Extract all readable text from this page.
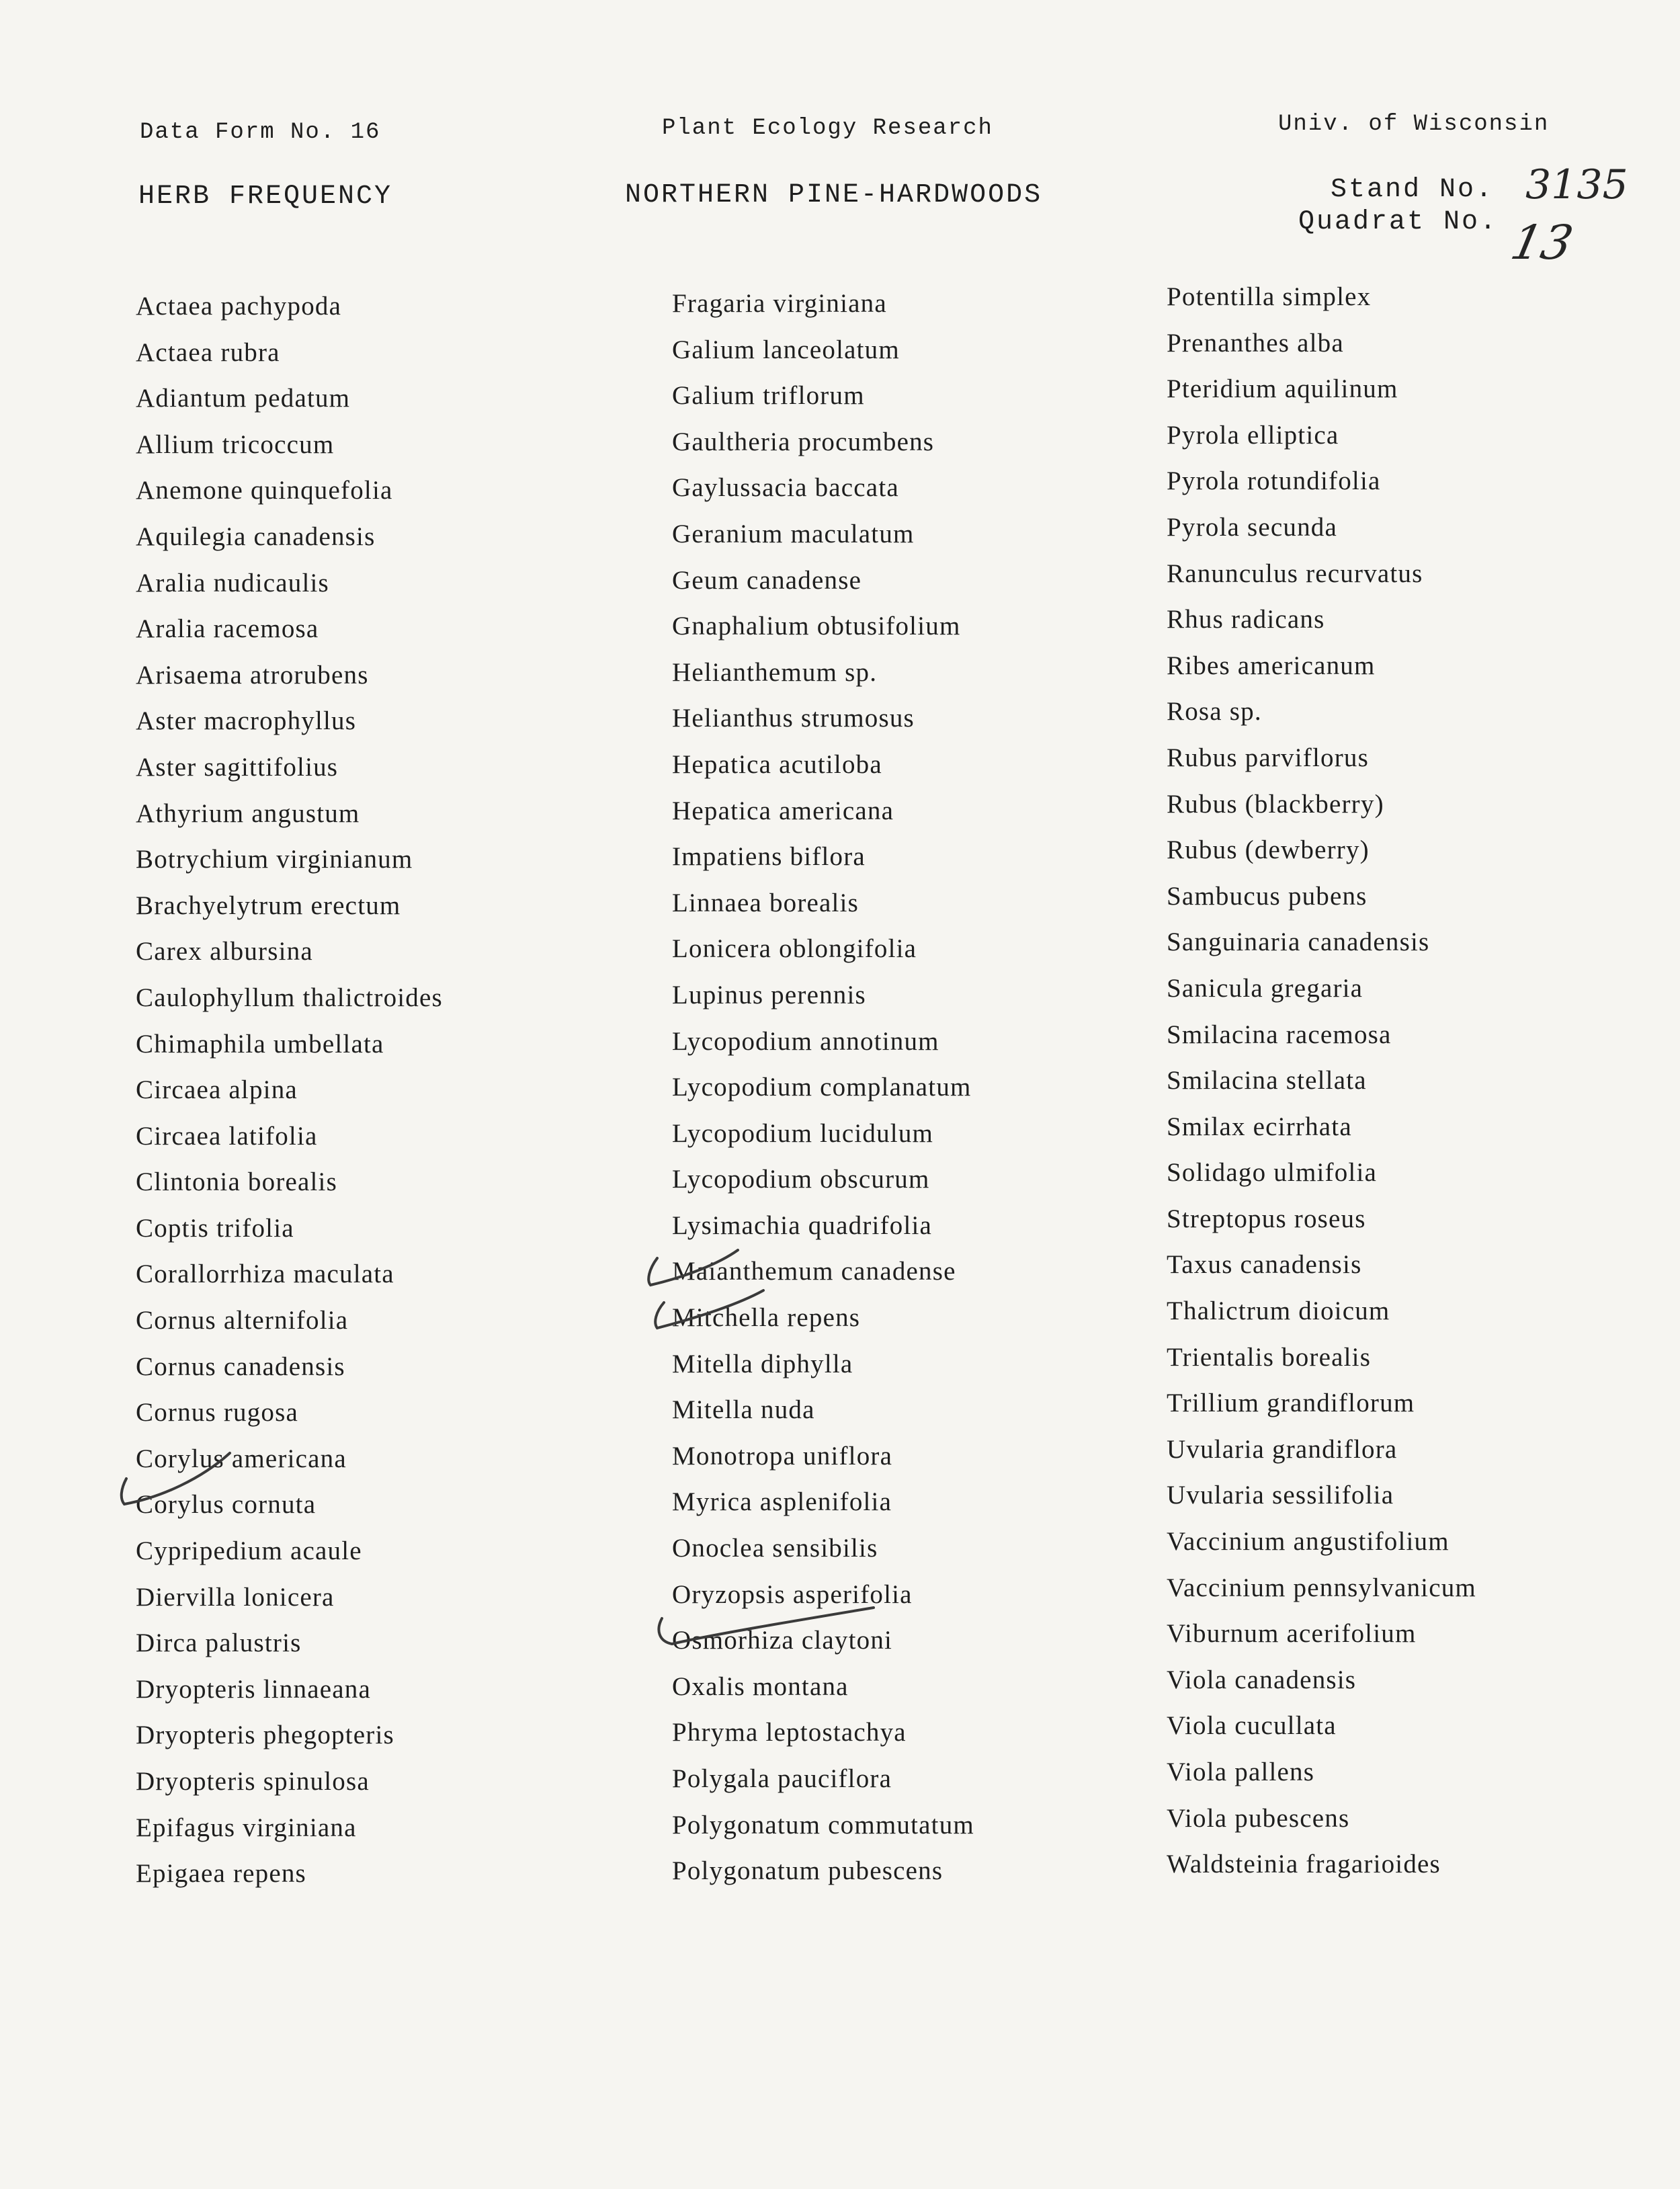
Data Form No. 16	Plant Ecology Research	Univ. of Wisconsin
HERB FREQUENCY	NORTHERN PINE-HARDWOODS	Stand No. 3135
Quadrat No. 13
Actaea pachypoda
Actaea rubra
Adiantum pedatum
Allium tricoccum
Anemone quinquefolia
Aquilegia canadensis
Aralia nudicaulis
Aralia racemosa
Arisaema atrorubens
Aster macrophyllus
Aster sagittifolius
Athyrium angustum
Botrychium virginianum
Brachyelytrum erectum
Carex albursina
Caulophyllum thalictroides
Chimaphila umbellata
Circaea alpina
Circaea latifolia
Clintonia borealis
Coptis trifolia
Corallorrhiza maculata
Cornus alternifolia
Cornus canadensis
Cornus rugosa
Corylus americana
Corylus cornuta
Cypripedium acaule
Diervilla lonicera
Dirca palustris
Dryopteris linnaeana
Dryopteris phegopteris
Dryopteris spinulosa
Epifagus virginiana
Epigaea repens
Fragaria virginiana
Galium lanceolatum
Galium triflorum
Gaultheria procumbens
Gaylussacia baccata
Geranium maculatum
Geum canadense
Gnaphalium obtusifolium
Helianthemum sp.
Helianthus strumosus
Hepatica acutiloba
Hepatica americana
Impatiens biflora
Linnaea borealis
Lonicera oblongifolia
Lupinus perennis
Lycopodium annotinum
Lycopodium complanatum
Lycopodium lucidulum
Lycopodium obscurum
Lysimachia quadrifolia
Maianthemum canadense
Mitchella repens
Mitella diphylla
Mitella nuda
Monotropa uniflora
Myrica asplenifolia
Onoclea sensibilis
Oryzopsis asperifolia
Osmorhiza claytoni
Oxalis montana
Phryma leptostachya
Polygala pauciflora
Polygonatum commutatum
Polygonatum pubescens
Potentilla simplex
Prenanthes alba
Pteridium aquilinum
Pyrola elliptica
Pyrola rotundifolia
Pyrola secunda
Ranunculus recurvatus
Rhus radicans
Ribes americanum
Rosa sp.
Rubus parviflorus
Rubus (blackberry)
Rubus (dewberry)
Sambucus pubens
Sanguinaria canadensis
Sanicula gregaria
Smilacina racemosa
Smilacina stellata
Smilax ecirrhata
Solidago ulmifolia
Streptopus roseus
Taxus canadensis
Thalictrum dioicum
Trientalis borealis
Trillium grandiflorum
Uvularia grandiflora
Uvularia sessilifolia
Vaccinium angustifolium
Vaccinium pennsylvanicum
Viburnum acerifolium
Viola canadensis
Viola cucullata
Viola pallens
Viola pubescens
Waldsteinia fragarioides
